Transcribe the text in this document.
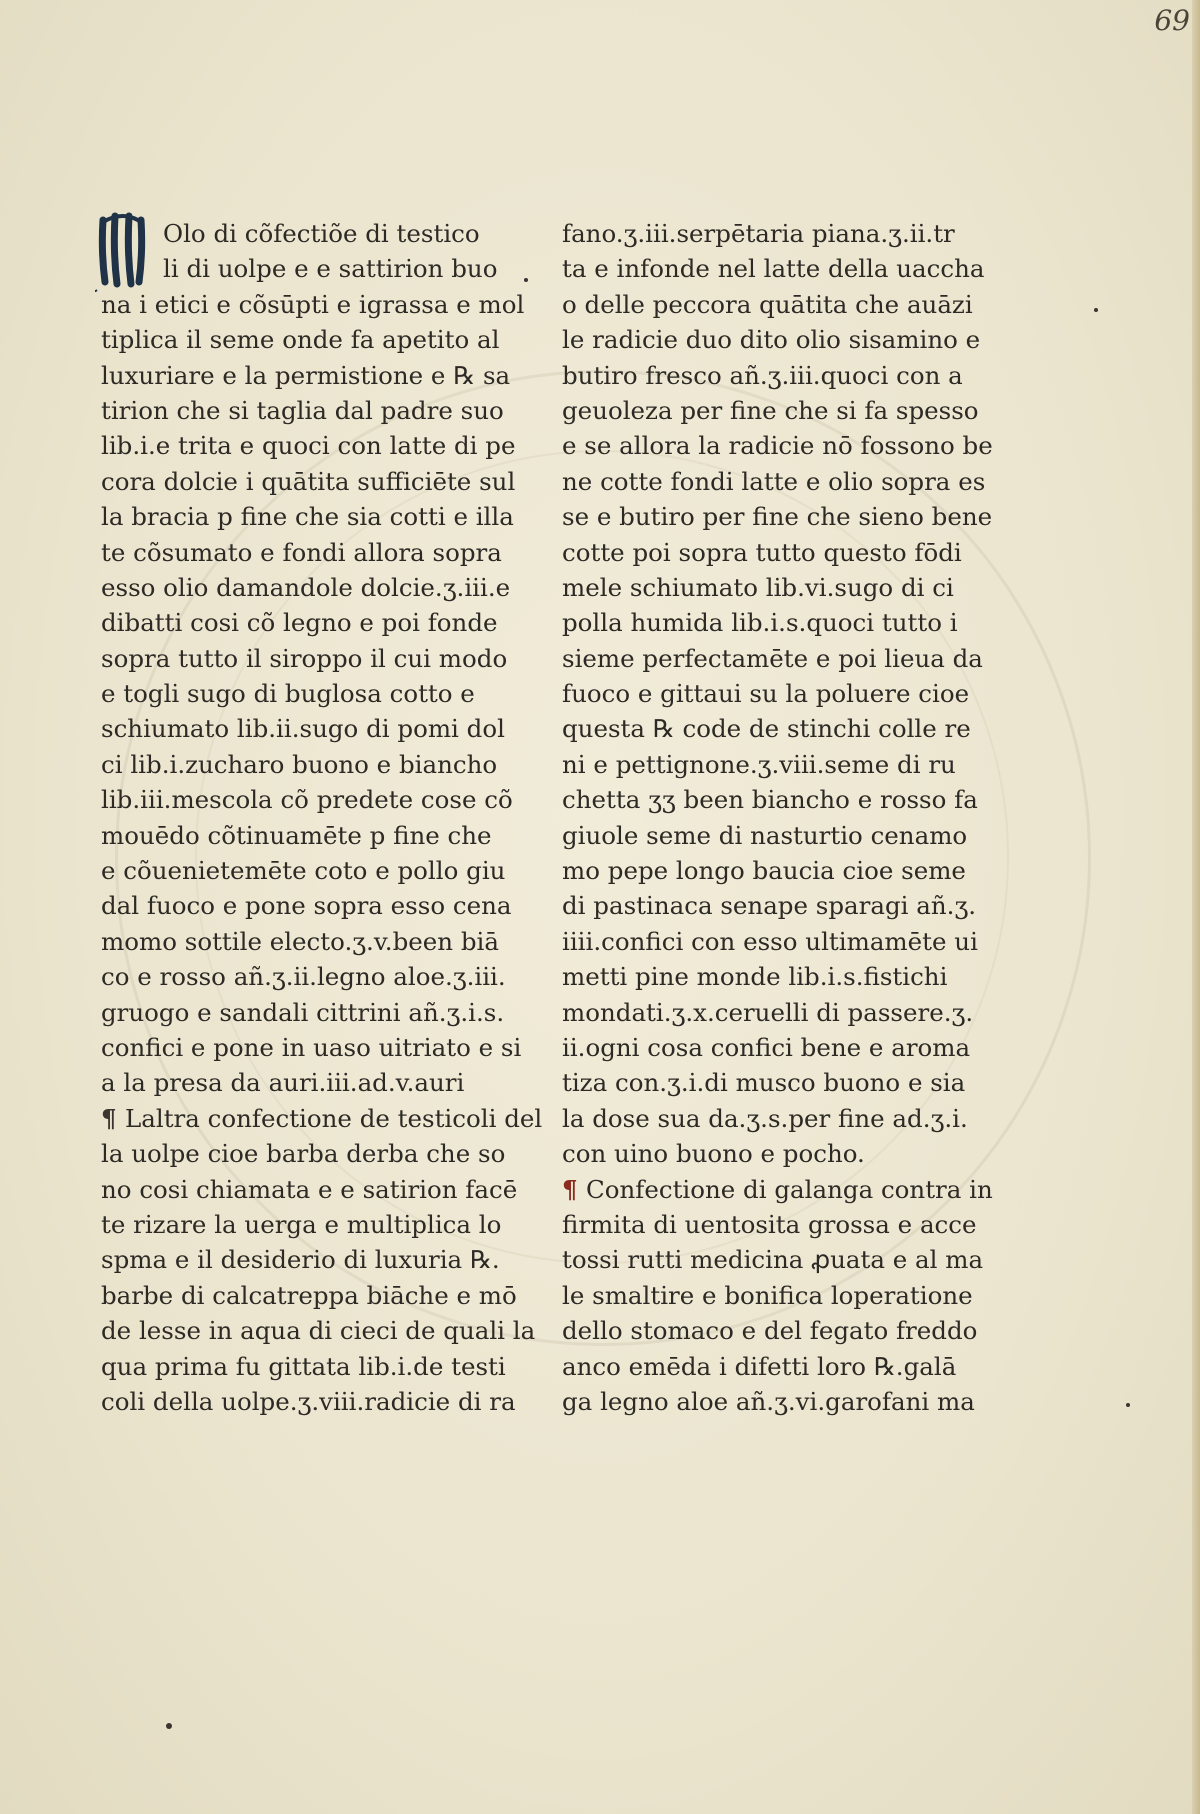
69
Olo di cõfectiõe di testico
li di uolpe e e sattirion buo
na i etici e cõsūpti e igrassa e mol
tiplica il seme onde fa apetito al
luxuriare e la permistione e ℞ sa
tirion che si taglia dal padre suo
lib.i.e trita e quoci con latte di pe
cora dolcie i quātita sufficiēte sul
la bracia p fine che sia cotti e illa
te cõsumato e fondi allora sopra
esso olio damandole dolcie.ʒ.iii.e
dibatti cosi cõ legno e poi fonde
sopra tutto il siroppo il cui modo
e togli sugo di buglosa cotto e
schiumato lib.ii.sugo di pomi dol
ci lib.i.zucharo buono e biancho
lib.iii.mescola cõ predete cose cõ
mouēdo cõtinuamēte p fine che
e cõuenietemēte coto e pollo giu
dal fuoco e pone sopra esso cena
momo sottile electo.ʒ.v.been biā
co e rosso añ.ʒ.ii.legno aloe.ʒ.iii.
gruogo e sandali cittrini añ.ʒ.i.s.
confici e pone in uaso uitriato e si
a la presa da auri.iii.ad.v.auri
¶ Laltra confectione de testicoli del
la uolpe cioe barba derba che so
no cosi chiamata e e satirion facē
te rizare la uerga e multiplica lo
spma e il desiderio di luxuria ℞.
barbe di calcatreppa biāche e mō
de lesse in aqua di cieci de quali la
qua prima fu gittata lib.i.de testi
coli della uolpe.ʒ.viii.radicie di ra
fano.ʒ.iii.serpētaria piana.ʒ.ii.tr
ta e infonde nel latte della uaccha
o delle peccora quātita che auāzi
le radicie duo dito olio sisamino e
butiro fresco añ.ʒ.iii.quoci con a
geuoleza per fine che si fa spesso
e se allora la radicie nō fossono be
ne cotte fondi latte e olio sopra es
se e butiro per fine che sieno bene
cotte poi sopra tutto questo fōdi
mele schiumato lib.vi.sugo di ci
polla humida lib.i.s.quoci tutto i
sieme perfectamēte e poi lieua da
fuoco e gittaui su la poluere cioe
questa ℞ code de stinchi colle re
ni e pettignone.ʒ.viii.seme di ru
chetta ʒʒ been biancho e rosso fa
giuole seme di nasturtio cenamo
mo pepe longo baucia cioe seme
di pastinaca senape sparagi añ.ʒ.
iiii.confici con esso ultimamēte ui
metti pine monde lib.i.s.fistichi
mondati.ʒ.x.ceruelli di passere.ʒ.
ii.ogni cosa confici bene e aroma
tiza con.ʒ.i.di musco buono e sia
la dose sua da.ʒ.s.per fine ad.ʒ.i.
con uino buono e pocho.
¶ Confectione di galanga contra in
firmita di uentosita grossa e acce
tossi rutti medicina ꝓuata e al ma
le smaltire e bonifica loperatione
dello stomaco e del fegato freddo
anco emēda i difetti loro ℞.galā
ga legno aloe añ.ʒ.vi.garofani ma
